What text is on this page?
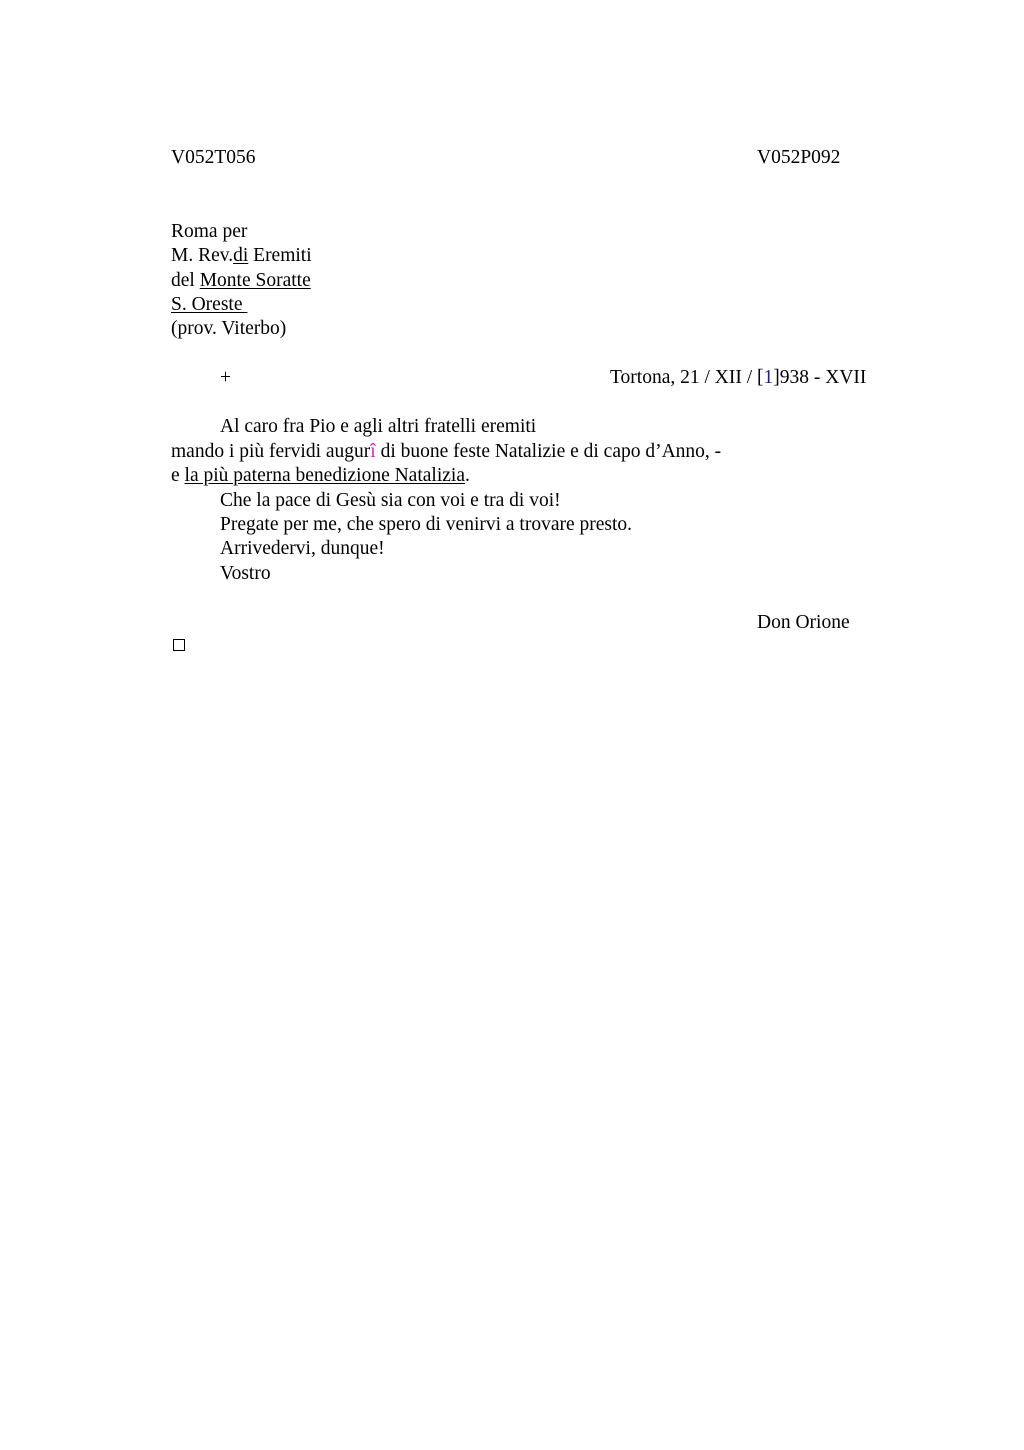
V052T056	V052P092
Roma per
M. Rev.di Eremiti
del Monte Soratte
S. Oreste
(prov. Viterbo)
+	Tortona, 21 / XII / [1]938 - XVII
Al caro fra Pio e agli altri fratelli eremiti
mando i più fervidi augurî di buone feste Natalizie e di capo d’Anno, -
e la più paterna benedizione Natalizia.
Che la pace di Gesù sia con voi e tra di voi!
Pregate per me, che spero di venirvi a trovare presto.
Arrivedervi, dunque!
Vostro
Don Orione
